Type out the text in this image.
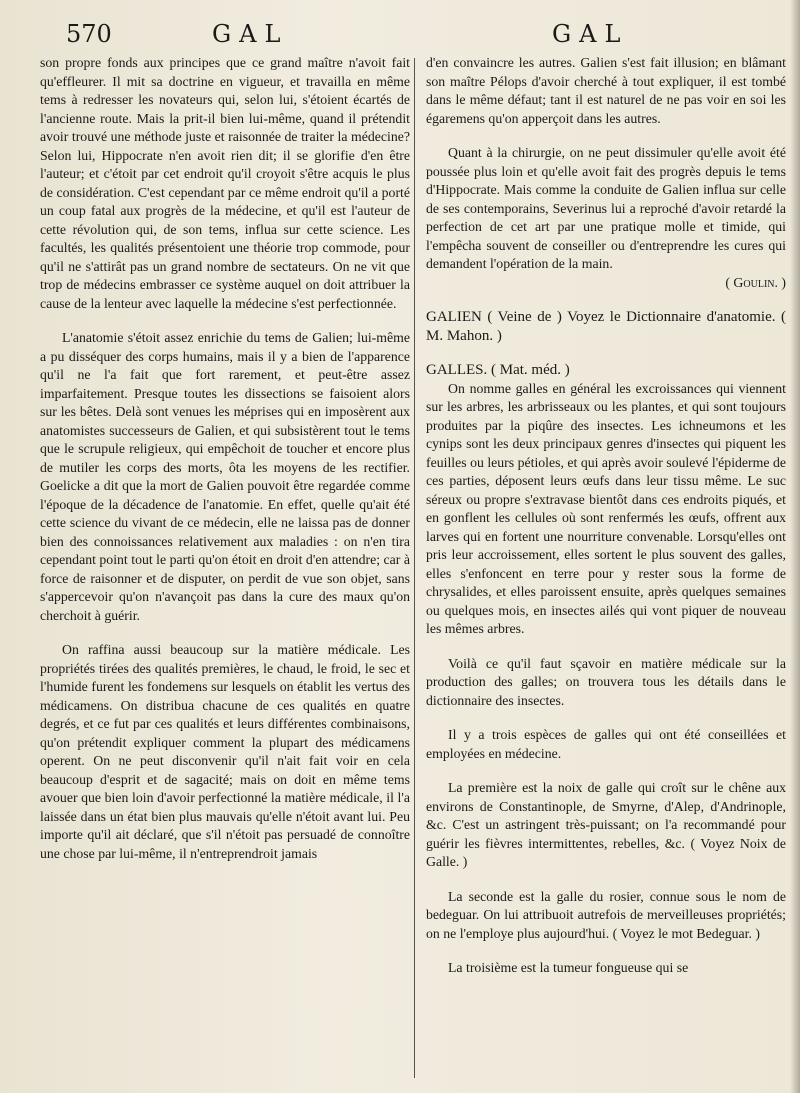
570	GAL	GAL

son propre fonds aux principes que ce grand maître n'avoit fait qu'effleurer. Il mit sa doctrine en vigueur, et travailla en même tems à redresser les novateurs qui, selon lui, s'étoient écartés de l'ancienne route. Mais la prit-il bien lui-même, quand il prétendit avoir trouvé une méthode juste et raisonnée de traiter la médecine? Selon lui, Hippocrate n'en avoit rien dit; il se glorifie d'en être l'auteur; et c'étoit par cet endroit qu'il croyoit s'être acquis le plus de considération. C'est cependant par ce même endroit qu'il a porté un coup fatal aux progrès de la médecine, et qu'il est l'auteur de cette révolution qui, de son tems, influa sur cette science. Les facultés, les qualités présentoient une théorie trop commode, pour qu'il ne s'attirât pas un grand nombre de sectateurs. On ne vit que trop de médecins embrasser ce système auquel on doit attribuer la cause de la lenteur avec laquelle la médecine s'est perfectionnée.

L'anatomie s'étoit assez enrichie du tems de Galien; lui-même a pu disséquer des corps humains, mais il y a bien de l'apparence qu'il ne l'a fait que fort rarement, et peut-être assez imparfaitement. Presque toutes les dissections se faisoient alors sur les bêtes. Delà sont venues les méprises qui en imposèrent aux anatomistes successeurs de Galien, et qui subsistèrent tout le tems que le scrupule religieux, qui empêchoit de toucher et encore plus de mutiler les corps des morts, ôta les moyens de les rectifier. Goelicke a dit que la mort de Galien pouvoit être regardée comme l'époque de la décadence de l'anatomie. En effet, quelle qu'ait été cette science du vivant de ce médecin, elle ne laissa pas de donner bien des connoissances relativement aux maladies : on n'en tira cependant point tout le parti qu'on étoit en droit d'en attendre; car à force de raisonner et de disputer, on perdit de vue son objet, sans s'appercevoir qu'on n'avançoit pas dans la cure des maux qu'on cherchoit à guérir.

On raffina aussi beaucoup sur la matière médicale. Les propriétés tirées des qualités premières, le chaud, le froid, le sec et l'humide furent les fondemens sur lesquels on établit les vertus des médicamens. On distribua chacune de ces qualités en quatre degrés, et ce fut par ces qualités et leurs différentes combinaisons, qu'on prétendit expliquer comment la plupart des médicamens operent. On ne peut disconvenir qu'il n'ait fait voir en cela beaucoup d'esprit et de sagacité; mais on doit en même tems avouer que bien loin d'avoir perfectionné la matière médicale, il l'a laissée dans un état bien plus mauvais qu'elle n'étoit avant lui. Peu importe qu'il ait déclaré, que s'il n'étoit pas persuadé de connoître une chose par lui-même, il n'entreprendroit jamais

d'en convaincre les autres. Galien s'est fait illusion; en blâmant son maître Pélops d'avoir cherché à tout expliquer, il est tombé dans le même défaut; tant il est naturel de ne pas voir en soi les égaremens qu'on apperçoit dans les autres.

Quant à la chirurgie, on ne peut dissimuler qu'elle avoit été poussée plus loin et qu'elle avoit fait des progrès depuis le tems d'Hippocrate. Mais comme la conduite de Galien influa sur celle de ses contemporains, Severinus lui a reproché d'avoir retardé la perfection de cet art par une pratique molle et timide, qui l'empêcha souvent de conseiller ou d'entreprendre les cures qui demandent l'opération de la main.

( Goulin. )

GALIEN ( Veine de ) Voyez le Dictionnaire d'anatomie. ( M. Mahon. )

GALLES. ( Mat. méd. )

On nomme galles en général les excroissances qui viennent sur les arbres, les arbrisseaux ou les plantes, et qui sont toujours produites par la piqûre des insectes. Les ichneumons et les cynips sont les deux principaux genres d'insectes qui piquent les feuilles ou leurs pétioles, et qui après avoir soulevé l'épiderme de ces parties, déposent leurs œufs dans leur tissu même. Le suc séreux ou propre s'extravase bientôt dans ces endroits piqués, et en gonflent les cellules où sont renfermés les œufs, offrent aux larves qui en fortent une nourriture convenable. Lorsqu'elles ont pris leur accroissement, elles sortent le plus souvent des galles, elles s'enfoncent en terre pour y rester sous la forme de chrysalides, et elles paroissent ensuite, après quelques semaines ou quelques mois, en insectes ailés qui vont piquer de nouveau les mêmes arbres.

Voilà ce qu'il faut sçavoir en matière médicale sur la production des galles; on trouvera tous les détails dans le dictionnaire des insectes.

Il y a trois espèces de galles qui ont été conseillées et employées en médecine.

La première est la noix de galle qui croît sur le chêne aux environs de Constantinople, de Smyrne, d'Alep, d'Andrinople, &c. C'est un astringent très-puissant; on l'a recommandé pour guérir les fièvres intermittentes, rebelles, &c. ( Voyez Noix de Galle. )

La seconde est la galle du rosier, connue sous le nom de bedeguar. On lui attribuoit autrefois de merveilleuses propriétés; on ne l'employe plus aujourd'hui. ( Voyez le mot Bedeguar. )

La troisième est la tumeur fongueuse qui se
